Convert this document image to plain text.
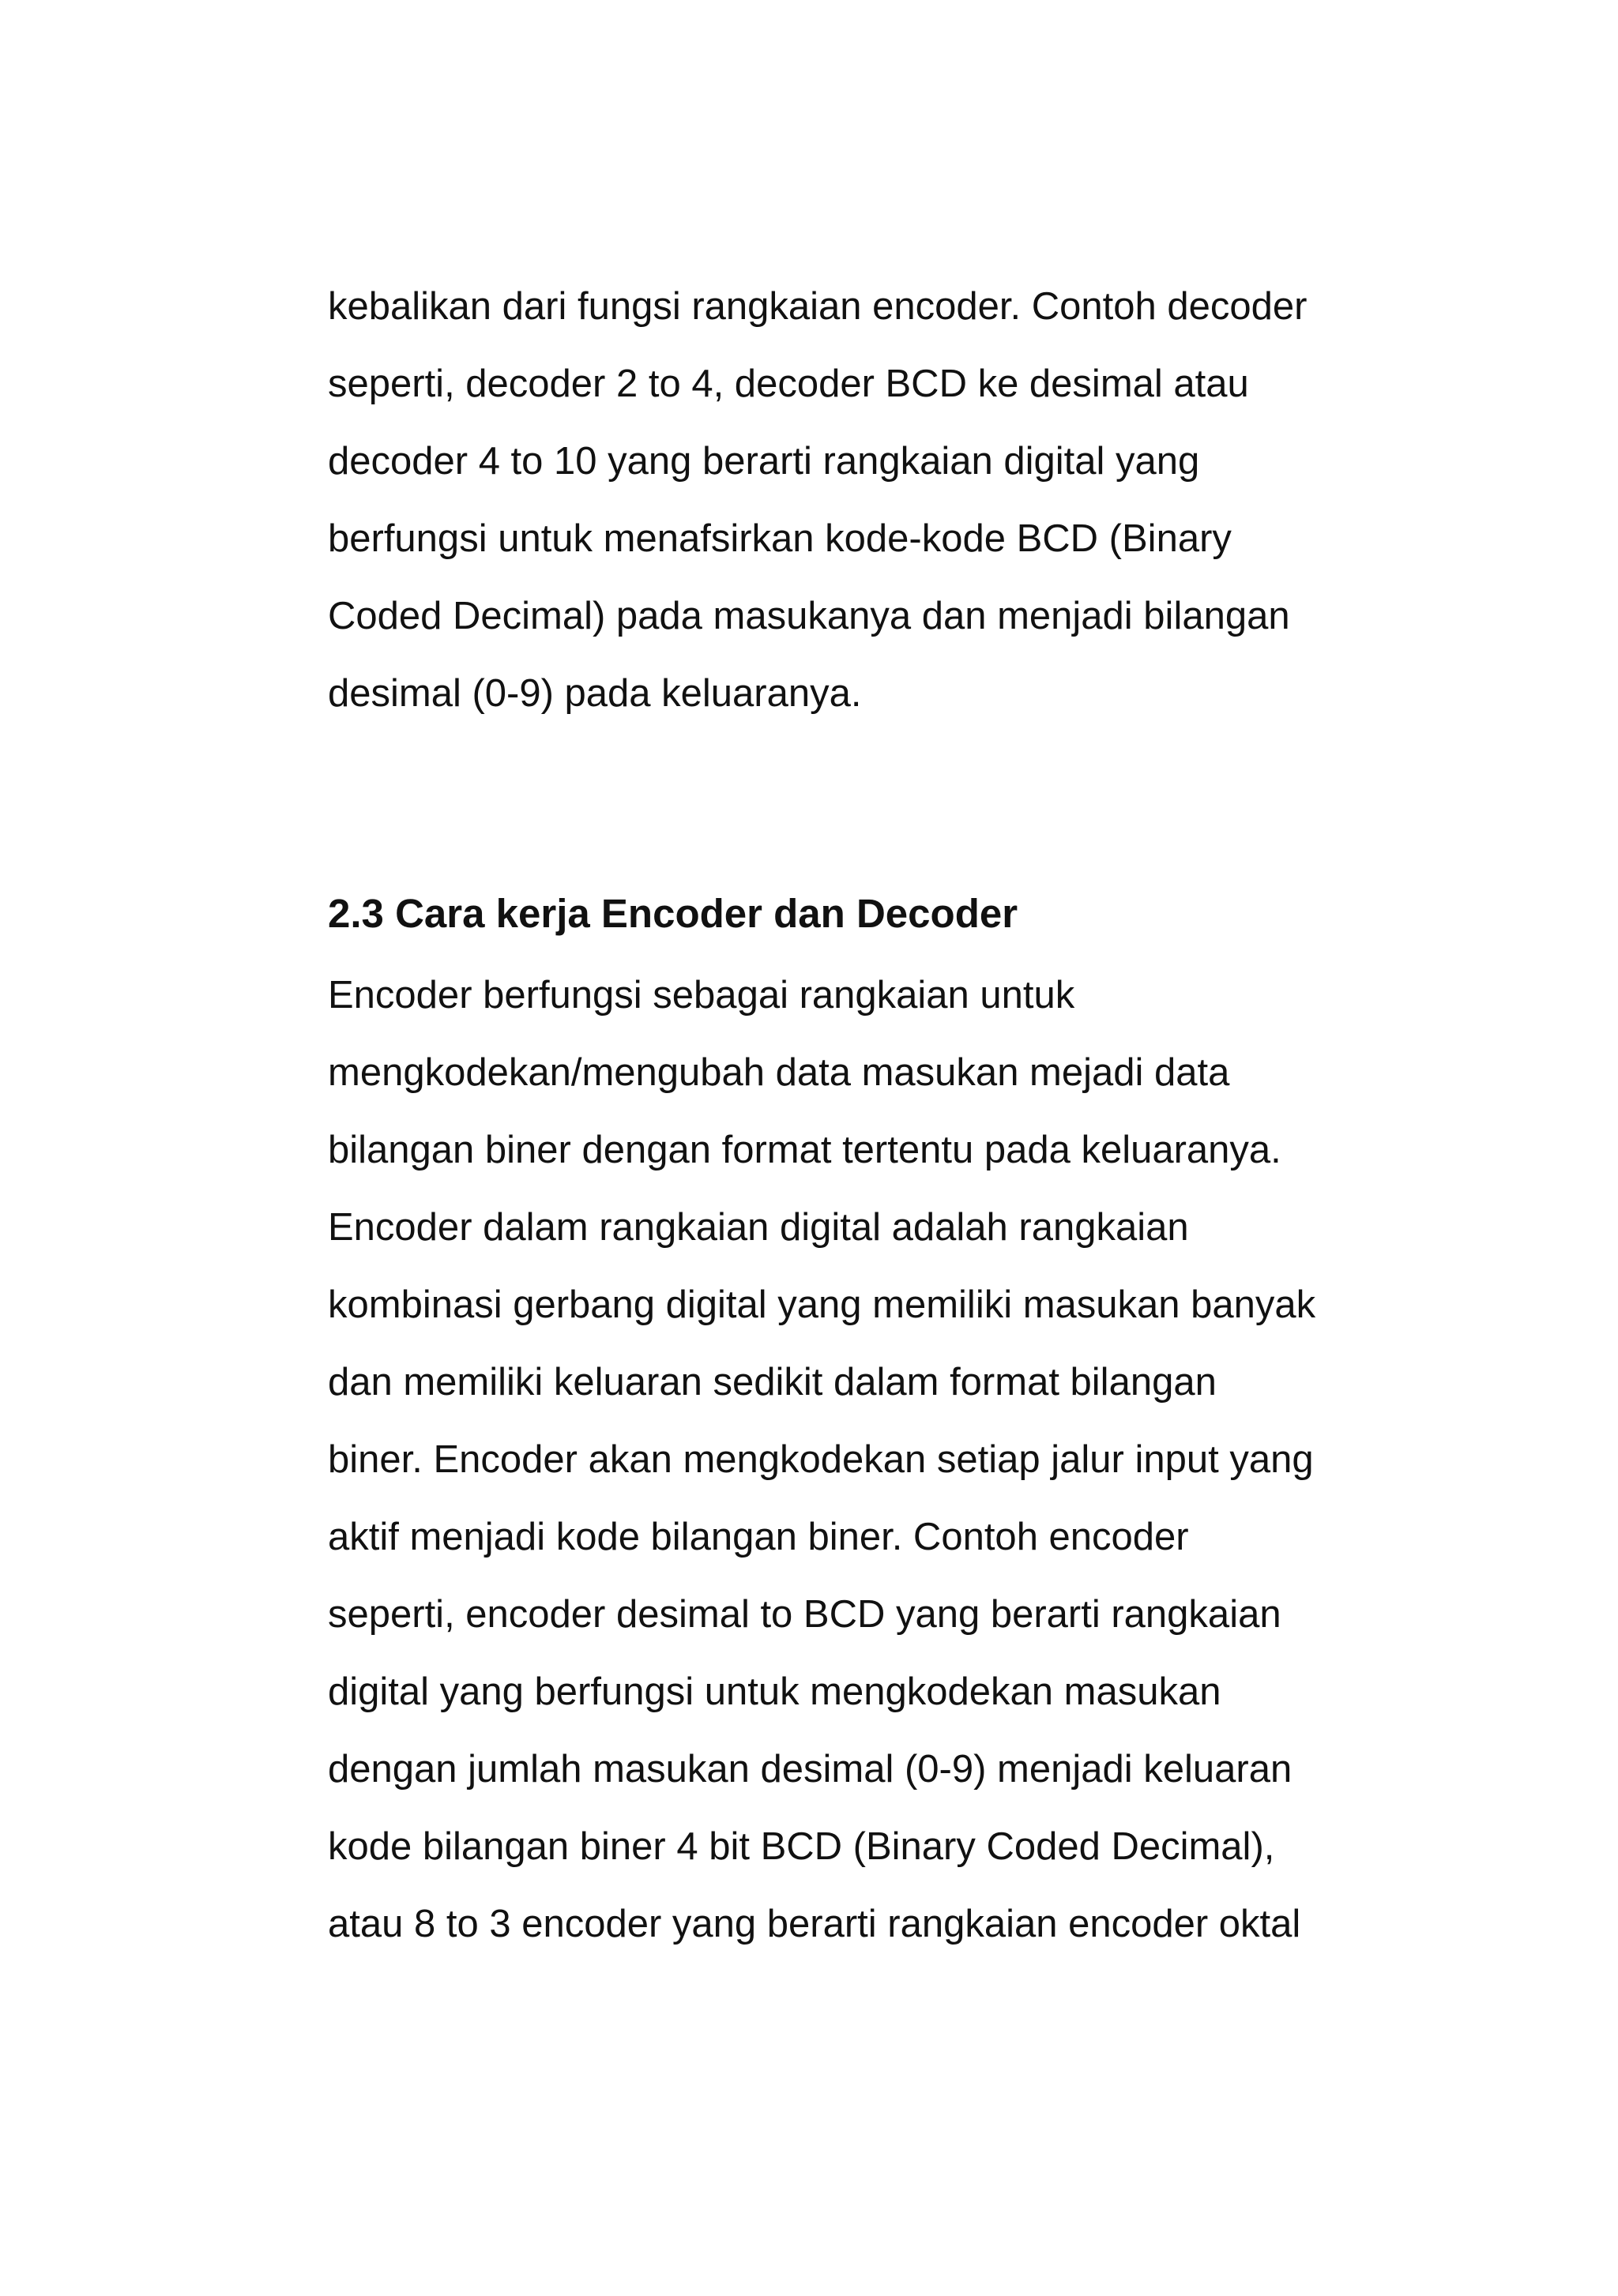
kebalikan dari fungsi rangkaian encoder. Contoh decoder

seperti, decoder 2 to 4, decoder BCD ke desimal atau

decoder 4 to 10 yang berarti rangkaian digital yang

berfungsi untuk menafsirkan kode-kode BCD (Binary

Coded Decimal) pada masukanya dan menjadi bilangan

desimal (0-9) pada keluaranya.

2.3 Cara kerja Encoder dan Decoder

Encoder berfungsi sebagai rangkaian untuk

mengkodekan/mengubah data masukan mejadi data

bilangan biner dengan format tertentu pada keluaranya.

Encoder dalam rangkaian digital adalah rangkaian

kombinasi gerbang digital yang memiliki masukan banyak

dan memiliki keluaran sedikit dalam format bilangan

biner. Encoder akan mengkodekan setiap jalur input yang

aktif menjadi kode bilangan biner. Contoh encoder

seperti, encoder desimal to BCD yang berarti rangkaian

digital yang berfungsi untuk mengkodekan masukan

dengan jumlah masukan desimal (0-9) menjadi keluaran

kode bilangan biner 4 bit BCD (Binary Coded Decimal),

atau 8 to 3 encoder yang berarti rangkaian encoder oktal
